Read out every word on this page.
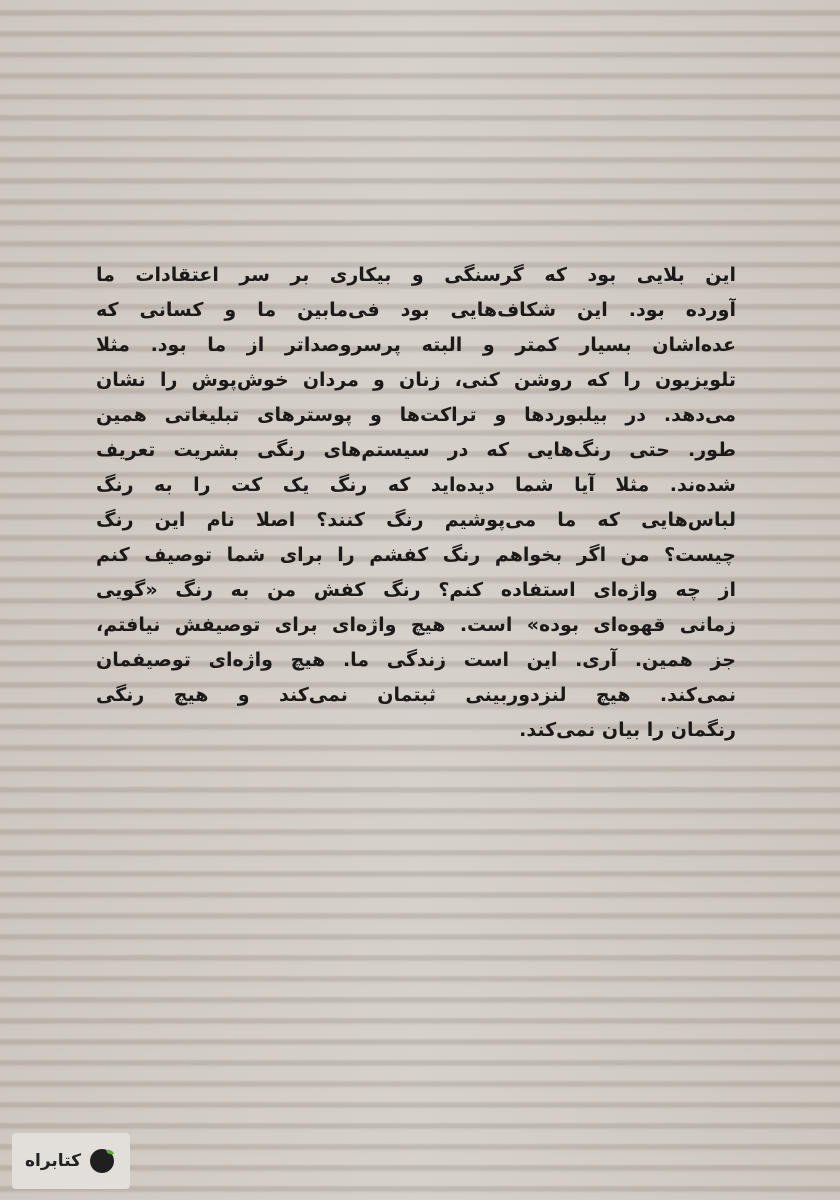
این بلایی بود که گرسنگی و بیکاری بر سر اعتقادات ما
آورده بود. این شکاف‌هایی بود فی‌مابین ما و کسانی که
عده‌اشان بسیار کمتر و البته پرسروصداتر از ما بود. مثلا
تلویزیون را که روشن کنی، زنان و مردان خوش‌پوش را نشان
می‌دهد. در بیلبوردها و تراکت‌ها و پوسترهای تبلیغاتی همین
طور. حتی رنگ‌هایی که در سیستم‌های رنگی بشریت تعریف
شده‌ند. مثلا آیا شما دیده‌اید که رنگ یک کت را به رنگ
لباس‌هایی که ما می‌پوشیم رنگ کنند؟ اصلا نام این رنگ
چیست؟ من اگر بخواهم رنگ کفشم را برای شما توصیف کنم
از چه واژه‌ای استفاده کنم؟ رنگ کفش من به رنگ «گویی
زمانی قهوه‌ای بوده» است. هیچ واژه‌ای برای توصیفش نیافتم،
جز همین. آری. این است زندگی ما. هیچ واژه‌ای توصیفمان
نمی‌کند. هیچ لنزدوربینی ثبتمان نمی‌کند و هیچ رنگی
رنگمان را بیان نمی‌کند.
کتابراه
